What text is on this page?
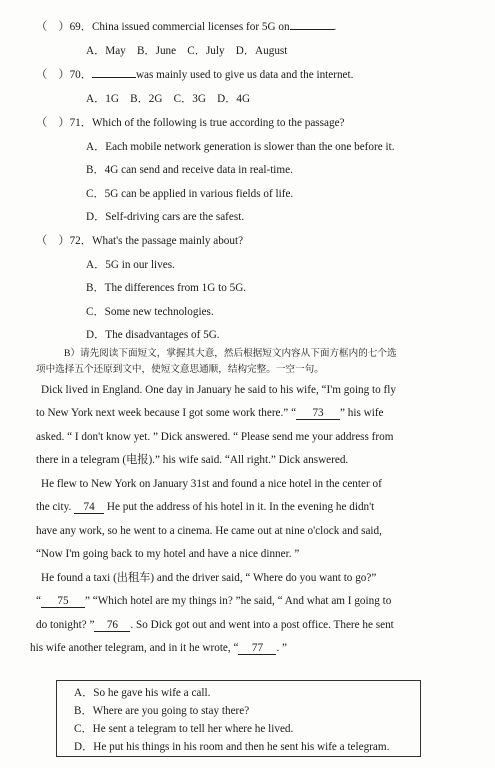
（　）69．China issued commercial licenses for 5G on	.
A．May　B．June　C．July　D．August
（　）70．	was mainly used to give us data and the internet.
A．1G　B．2G　C．3G　D．4G
（　）71．Which of the following is true according to the passage?
A．Each mobile network generation is slower than the one before it.
B．4G can send and receive data in real-time.
C．5G can be applied in various fields of life.
D．Self-driving cars are the safest.
（　）72．What's the passage mainly about?
A．5G in our lives.
B．The differences from 1G to 5G.
C．Some new technologies.
D．The disadvantages of 5G.
B）请先阅读下面短文，掌握其大意，然后根据短文内容从下面方框内的七个选
项中选择五个还原到文中，使短文意思通顺，结构完整。一空一句。
Dick lived in England. One day in January he said to his wife, “I'm going to fly
to New York next week because I got some work there.” “ 73 ” his wife
asked. “ I don't know yet. ” Dick answered. “ Please send me your address from
there in a telegram (电报).” his wife said. “All right.” Dick answered.
He flew to New York on January 31st and found a nice hotel in the center of
the city. 74 He put the address of his hotel in it. In the evening he didn't
have any work, so he went to a cinema. He came out at nine o'clock and said,
“Now I'm going back to my hotel and have a nice dinner. ”
He found a taxi (出租车) and the driver said, “ Where do you want to go?”
“ 75 ” “Which hotel are my things in? ”he said, “ And what am I going to
do tonight? ” 76 . So Dick got out and went into a post office. There he sent
his wife another telegram, and in it he wrote, “ 77 . ”
A．So he gave his wife a call.
B．Where are you going to stay there?
C．He sent a telegram to tell her where he lived.
D．He put his things in his room and then he sent his wife a telegram.
